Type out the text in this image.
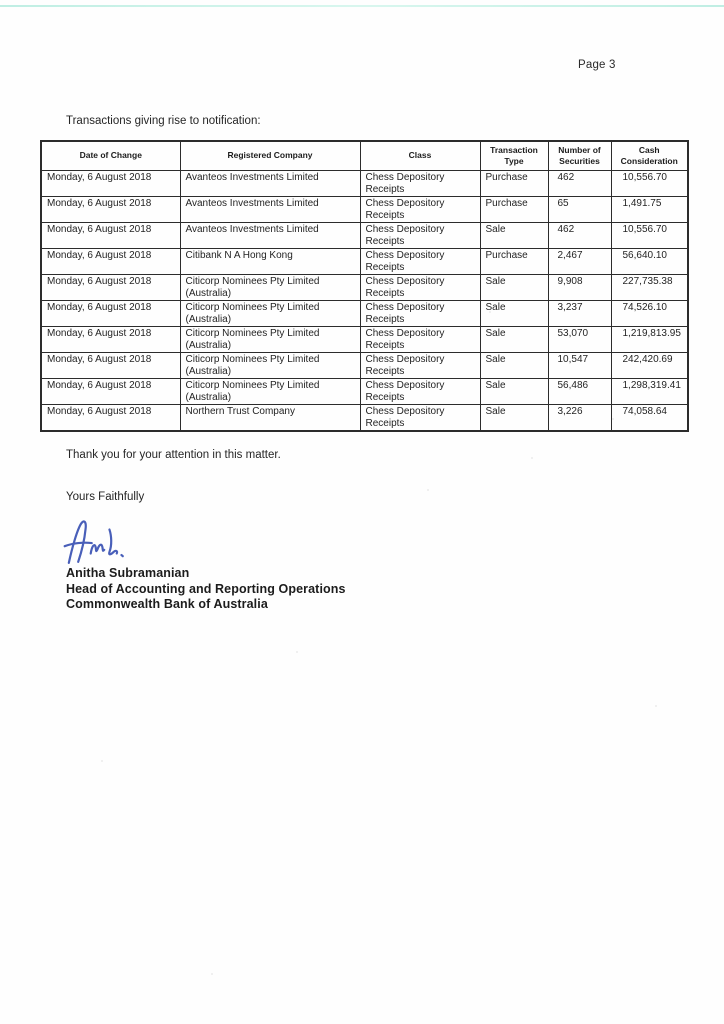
Page 3
Transactions giving rise to notification:
Date of Change	Registered Company	Class	Transaction Type	Number of Securities	Cash Consideration
Monday, 6 August 2018	Avanteos Investments Limited	Chess Depository Receipts	Purchase	462	10,556.70
Monday, 6 August 2018	Avanteos Investments Limited	Chess Depository Receipts	Purchase	65	1,491.75
Monday, 6 August 2018	Avanteos Investments Limited	Chess Depository Receipts	Sale	462	10,556.70
Monday, 6 August 2018	Citibank N A Hong Kong	Chess Depository Receipts	Purchase	2,467	56,640.10
Monday, 6 August 2018	Citicorp Nominees Pty Limited (Australia)	Chess Depository Receipts	Sale	9,908	227,735.38
Monday, 6 August 2018	Citicorp Nominees Pty Limited (Australia)	Chess Depository Receipts	Sale	3,237	74,526.10
Monday, 6 August 2018	Citicorp Nominees Pty Limited (Australia)	Chess Depository Receipts	Sale	53,070	1,219,813.95
Monday, 6 August 2018	Citicorp Nominees Pty Limited (Australia)	Chess Depository Receipts	Sale	10,547	242,420.69
Monday, 6 August 2018	Citicorp Nominees Pty Limited (Australia)	Chess Depository Receipts	Sale	56,486	1,298,319.41
Monday, 6 August 2018	Northern Trust Company	Chess Depository Receipts	Sale	3,226	74,058.64
Thank you for your attention in this matter.
Yours Faithfully
Anitha Subramanian
Head of Accounting and Reporting Operations
Commonwealth Bank of Australia
